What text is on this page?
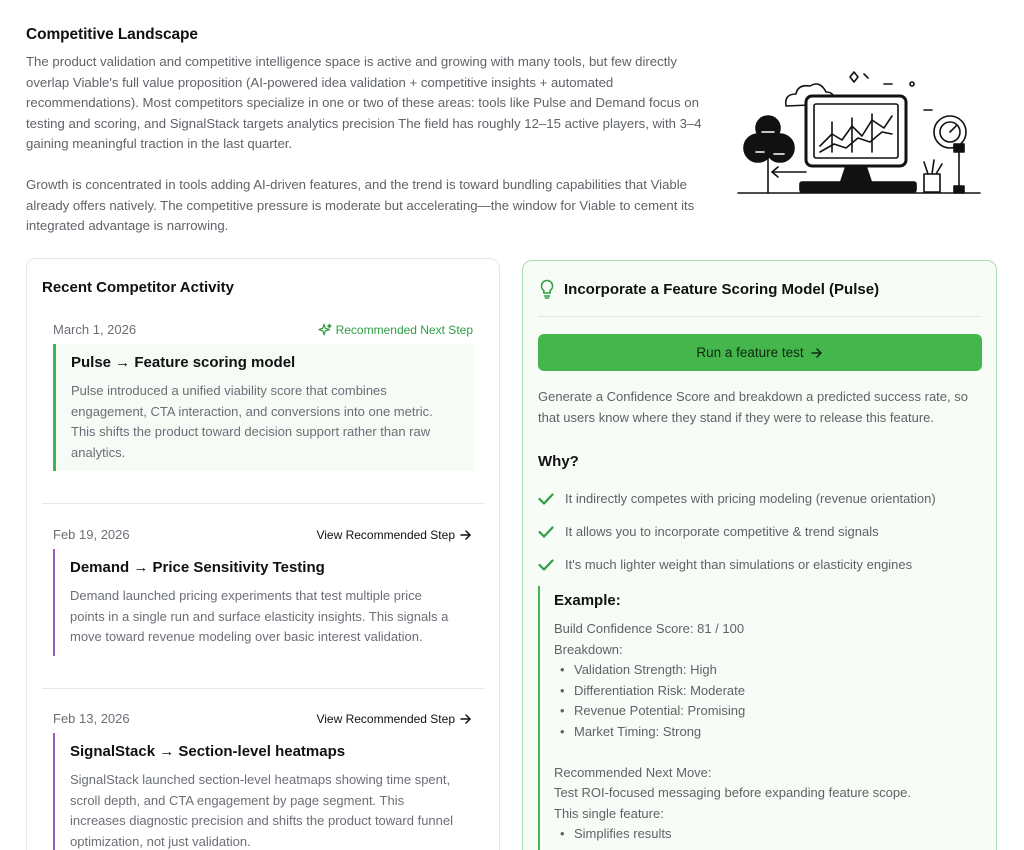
Competitive Landscape

The product validation and competitive intelligence space is active and growing with many tools, but few directly overlap Viable's full value proposition (AI-powered idea validation + competitive insights + automated recommendations). Most competitors specialize in one or two of these areas: tools like Pulse and Demand focus on testing and scoring, and SignalStack targets analytics precision The field has roughly 12–15 active players, with 3–4 gaining meaningful traction in the last quarter.

Growth is concentrated in tools adding AI-driven features, and the trend is toward bundling capabilities that Viable already offers natively. The competitive pressure is moderate but accelerating—the window for Viable to cement its integrated advantage is narrowing.

Recent Competitor Activity
March 1, 2026	Recommended Next Step
Pulse → Feature scoring model

Pulse introduced a unified viability score that combines engagement, CTA interaction, and conversions into one metric. This shifts the product toward decision support rather than raw analytics.

Feb 19, 2026	View Recommended Step
Demand → Price Sensitivity Testing

Demand launched pricing experiments that test multiple price points in a single run and surface elasticity insights. This signals a move toward revenue modeling over basic interest validation.

Feb 13, 2026	View Recommended Step
SignalStack → Section-level heatmaps

SignalStack launched section-level heatmaps showing time spent, scroll depth, and CTA engagement by page segment. This increases diagnostic precision and shifts the product toward funnel optimization, not just validation.

Incorporate a Feature Scoring Model (Pulse)
Run a feature test

Generate a Confidence Score and breakdown a predicted success rate, so that users know where they stand if they were to release this feature.

Why?
It indirectly competes with pricing modeling (revenue orientation)
It allows you to incorporate competitive & trend signals
It's much lighter weight than simulations or elasticity engines
Example:
Build Confidence Score: 81 / 100
Breakdown:
• Validation Strength: High
• Differentiation Risk: Moderate
• Revenue Potential: Promising
• Market Timing: Strong
Recommended Next Move:
Test ROI-focused messaging before expanding feature scope.
This single feature:
• Simplifies results
